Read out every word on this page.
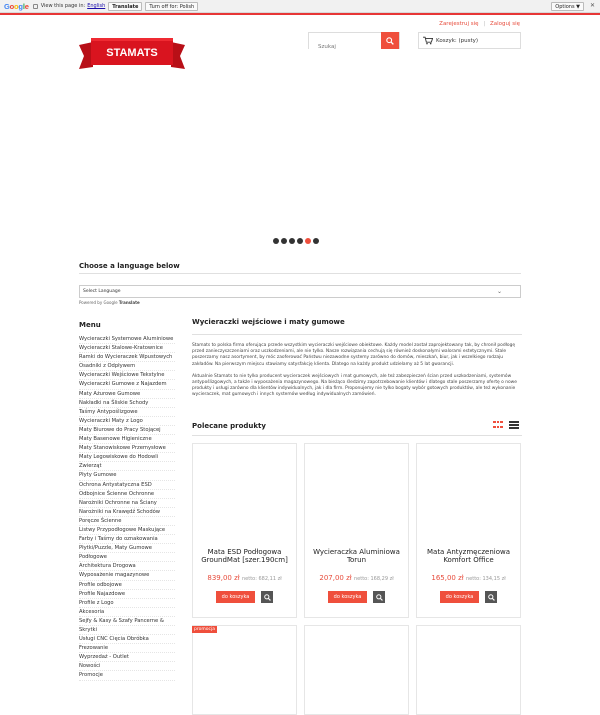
Google View this page in: English	Translate	Turn off for: Polish	Options ▼	✕
Zarejestruj się | Zaloguj się
STAMATS
Szukaj
Koszyk: (pusty)
Choose a language below
Select Language	⌄
Powered by Google Translate
Menu
Wycieraczki Systemowe Aluminiowe
Wycieraczki Stalowe-Kratownice
Ramki do Wycieraczek Wpustowych
Osadniki z Odpływem
Wycieraczki Wejściowe Tekstylne
Wycieraczki Gumowe z Najazdem
Maty Ażurowe Gumowe
Nakładki na Śliskie Schody
Taśmy Antypoślizgowe
Wycieraczki Maty z Logo
Maty Biurowe do Pracy Stojącej
Maty Basenowe Higieniczne
Maty Stanowiskowe Przemysłowe
Maty Legowiskowe do Hodowli
Zwierząt
Płyty Gumowe
Ochrona Antystatyczna ESD
Odbojnice Ścienne Ochronne
Narożniki Ochronne na Ściany
Narożniki na Krawędź Schodów
Poręcze Ścienne
Listwy Przypodłogowe Maskujące
Farby i Taśmy do oznakowania
Płytki/Puzzle, Maty Gumowe
Podłogowe
Architektura Drogowa
Wyposażenie magazynowe
Profile odbojowe
Profile Najazdowe
Profile z Logo
Akcesoria
Sejfy & Kasy & Szafy Pancerne &
Skrytki
Usługi CNC Cięcia Obróbka
Frezowanie
Wyprzedaż - Outlet
Nowości
Promocje
Wycieraczki wejściowe i maty gumowe

Stamats to polska firma oferująca przede wszystkim wycieraczki wejściowe obiektowe. Każdy model został zaprojektowany tak, by chronił podłogę przed zanieczyszczeniami oraz uszkodzeniami, ale nie tylko. Nasze rozwiązania cechują się również doskonałymi walorami estetycznymi. Stale poszerzamy nasz asortyment, by móc zaoferować Państwu niezawodne systemy zarówno do domów, mieszkań, biur, jak i wszelkiego rodzaju zakładów. Na pierwszym miejscu stawiamy satysfakcję klienta. Dlatego na każdy produkt udzielamy aż 5 lat gwarancji.

Aktualnie Stamats to nie tylko producent wycieraczek wejściowych i mat gumowych, ale też zabezpieczeń ścian przed uszkodzeniami, systemów antypoślizgowych, a także i wyposażenia magazynowego. Na bieżąco śledzimy zapotrzebowanie klientów i dlatego stale poszerzamy ofertę o nowe produkty i usługi zarówno dla klientów indywidualnych, jak i dla firm. Proponujemy nie tylko bogaty wybór gotowych produktów, ale też wykonanie wycieraczek, mat gumowych i innych systemów według indywidualnych zamówień.

Polecane produkty
Mata ESD Podłogowa GroundMat [szer.190cm]
839,00 zł netto: 682,11 zł
do koszyka
Wycieraczka Aluminiowa Torun
207,00 zł netto: 168,29 zł
do koszyka
Mata Antyzmęczeniowa Komfort Office
165,00 zł netto: 134,15 zł
do koszyka
promocja
